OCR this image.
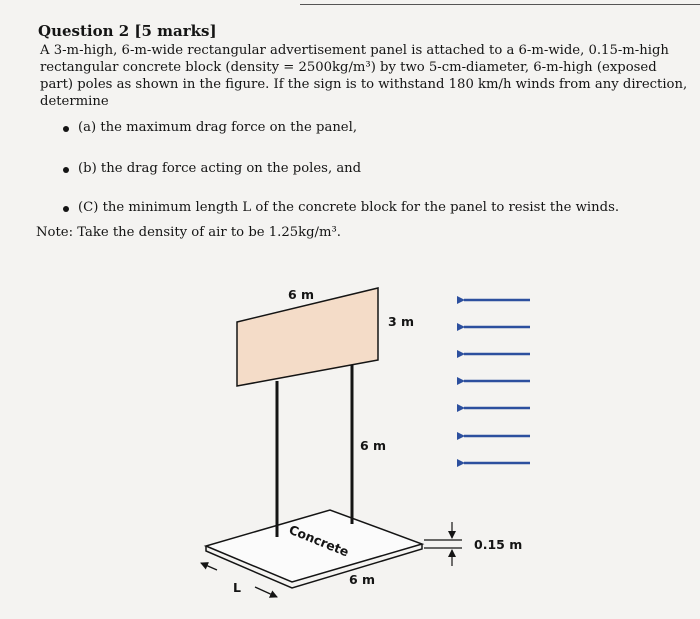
Question 2 [5 marks]

A 3-m-high, 6-m-wide rectangular advertisement panel is attached to a 6-m-wide, 0.15-m-high rectangular concrete block (density = 2500kg/m³) by two 5-cm-diameter, 6-m-high (exposed part) poles as shown in the figure. If the sign is to withstand 180 km/h winds from any direction, determine

(a) the maximum drag force on the panel,
(b) the drag force acting on the poles, and
(C) the minimum length L of the concrete block for the panel to resist the winds.

Note: Take the density of air to be 1.25kg/m³.

6 m
3 m
6 m
Concrete	0.15 m
6 m
L
